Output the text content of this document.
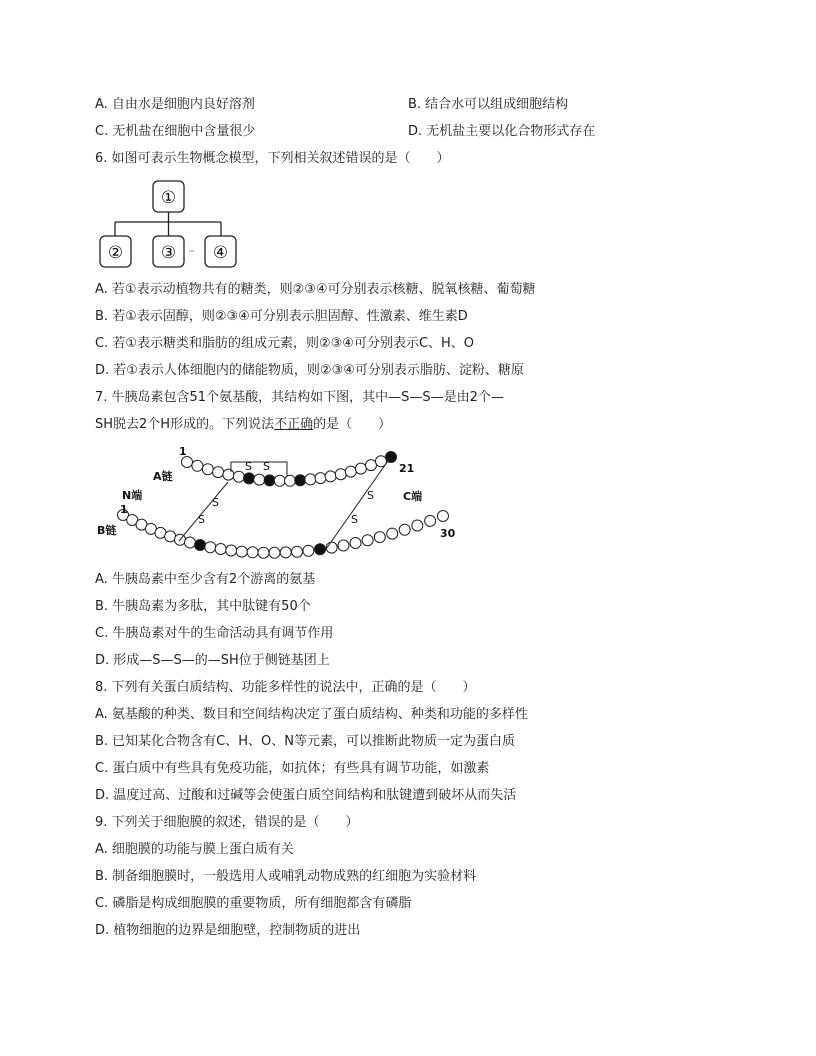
A. 自由水是细胞内良好溶剂	B. 结合水可以组成细胞结构
C. 无机盐在细胞中含量很少	D. 无机盐主要以化合物形式存在
6. 如图可表示生物概念模型，下列相关叙述错误的是（　　）
①
② ③ ④
A. 若①表示动植物共有的糖类，则②③④可分别表示核糖、脱氧核糖、葡萄糖
B. 若①表示固醇，则②③④可分别表示胆固醇、性激素、维生素D
C. 若①表示糖类和脂肪的组成元素，则②③④可分别表示C、H、O
D. 若①表示人体细胞内的储能物质，则②③④可分别表示脂肪、淀粉、糖原
7. 牛胰岛素包含51个氨基酸，其结构如下图，其中—S—S—是由2个—
SH脱去2个H形成的。下列说法不正确的是（　　）
S S
S
S
S
S
A链
1
21
N端
1
B链
C端
30
A. 牛胰岛素中至少含有2个游离的氨基
B. 牛胰岛素为多肽，其中肽键有50个
C. 牛胰岛素对牛的生命活动具有调节作用
D. 形成—S—S—的—SH位于侧链基团上
8. 下列有关蛋白质结构、功能多样性的说法中，正确的是（　　）
A. 氨基酸的种类、数目和空间结构决定了蛋白质结构、种类和功能的多样性
B. 已知某化合物含有C、H、O、N等元素，可以推断此物质一定为蛋白质
C. 蛋白质中有些具有免疫功能，如抗体；有些具有调节功能，如激素
D. 温度过高、过酸和过碱等会使蛋白质空间结构和肽键遭到破坏从而失活
9. 下列关于细胞膜的叙述，错误的是（　　）
A. 细胞膜的功能与膜上蛋白质有关
B. 制备细胞膜时，一般选用人或哺乳动物成熟的红细胞为实验材料
C. 磷脂是构成细胞膜的重要物质，所有细胞都含有磷脂
D. 植物细胞的边界是细胞壁，控制物质的进出
